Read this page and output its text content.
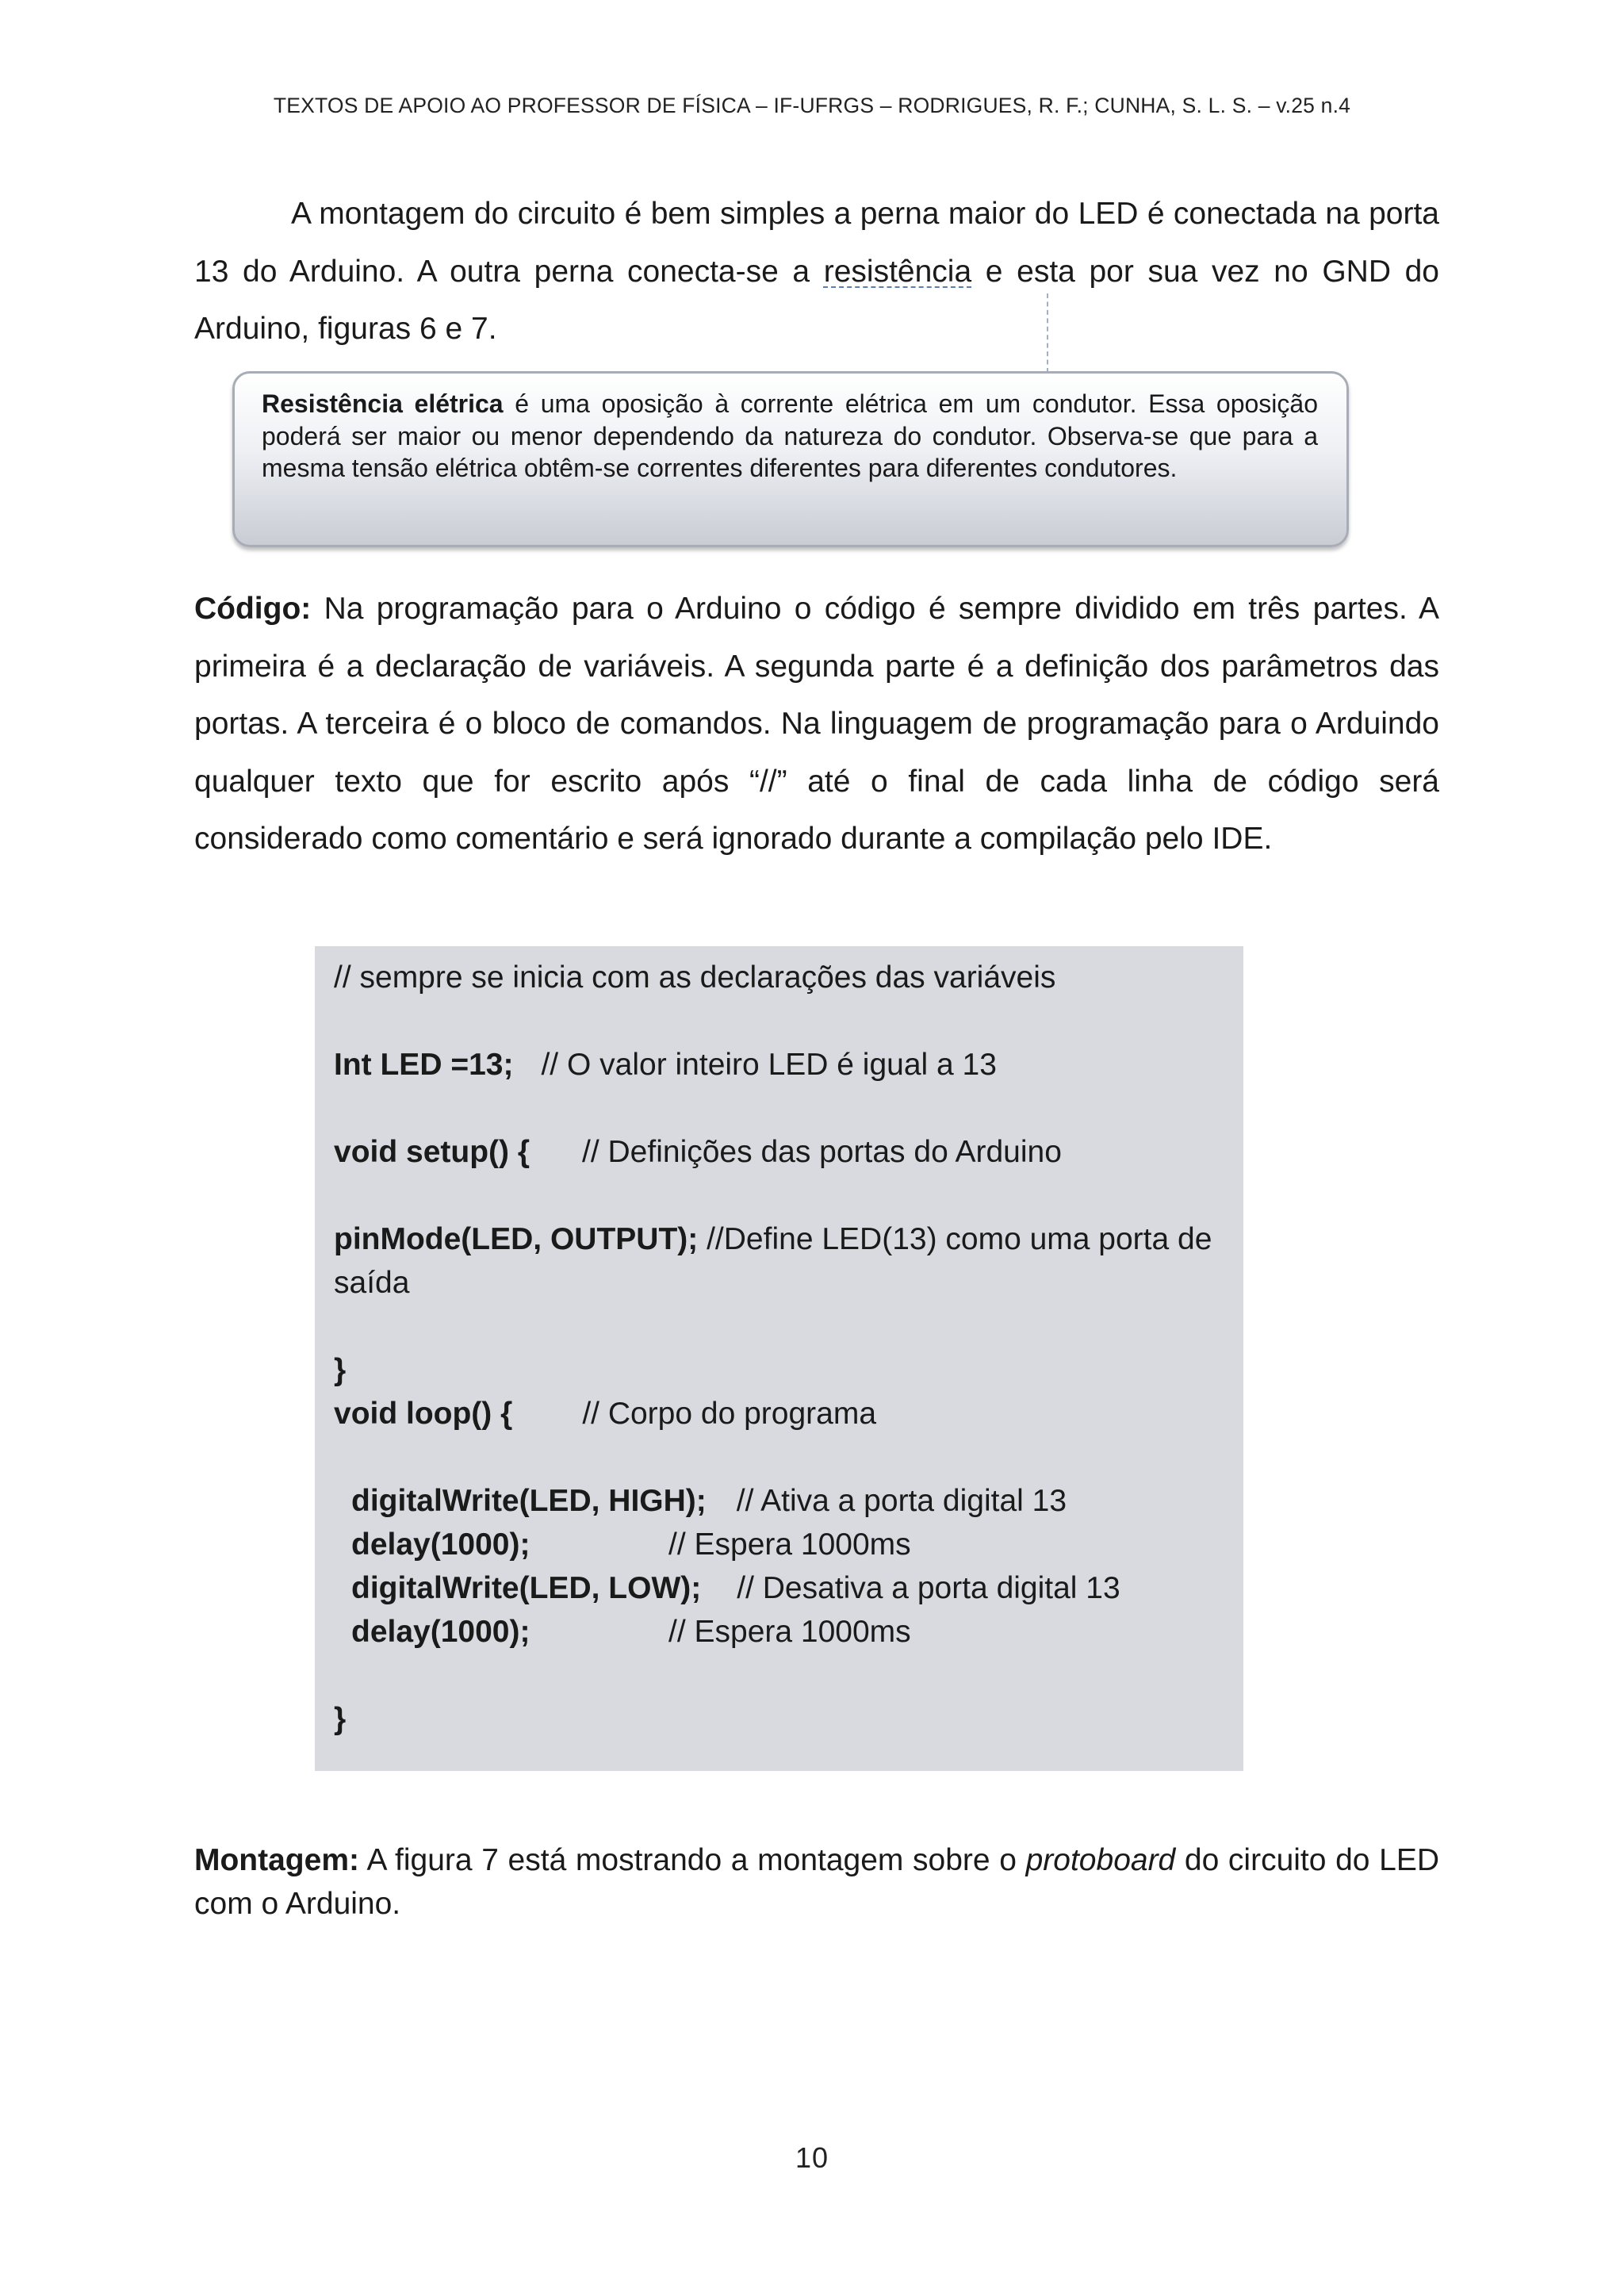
TEXTOS DE APOIO AO PROFESSOR DE FÍSICA – IF-UFRGS – RODRIGUES, R. F.; CUNHA, S. L. S. – v.25 n.4
A montagem do circuito é bem simples a perna maior do LED é conectada na porta 13 do Arduino. A outra perna conecta-se a resistência e esta por sua vez no GND do Arduino, figuras 6 e 7.
Resistência elétrica é uma oposição à corrente elétrica em um condutor. Essa oposição poderá ser maior ou menor dependendo da natureza do condutor. Observa-se que para a mesma tensão elétrica obtêm-se correntes diferentes para diferentes condutores.
Código: Na programação para o Arduino o código é sempre dividido em três partes. A primeira é a declaração de variáveis. A segunda parte é a definição dos parâmetros das portas. A terceira é o bloco de comandos. Na linguagem de programação para o Arduindo qualquer texto que for escrito após “//” até o final de cada linha de código será considerado como comentário e será ignorado durante a compilação pelo IDE.
// sempre se inicia com as declarações das variáveis
Int LED =13; // O valor inteiro LED é igual a 13
void setup() { // Definições das portas do Arduino
pinMode(LED, OUTPUT); //Define LED(13) como uma porta de saída
}
void loop() { // Corpo do programa
digitalWrite(LED, HIGH); // Ativa a porta digital 13
delay(1000);	// Espera 1000ms
digitalWrite(LED, LOW); // Desativa a porta digital 13
delay(1000);	// Espera 1000ms
}
Montagem: A figura 7 está mostrando a montagem sobre o protoboard do circuito do LED com o Arduino.
10
